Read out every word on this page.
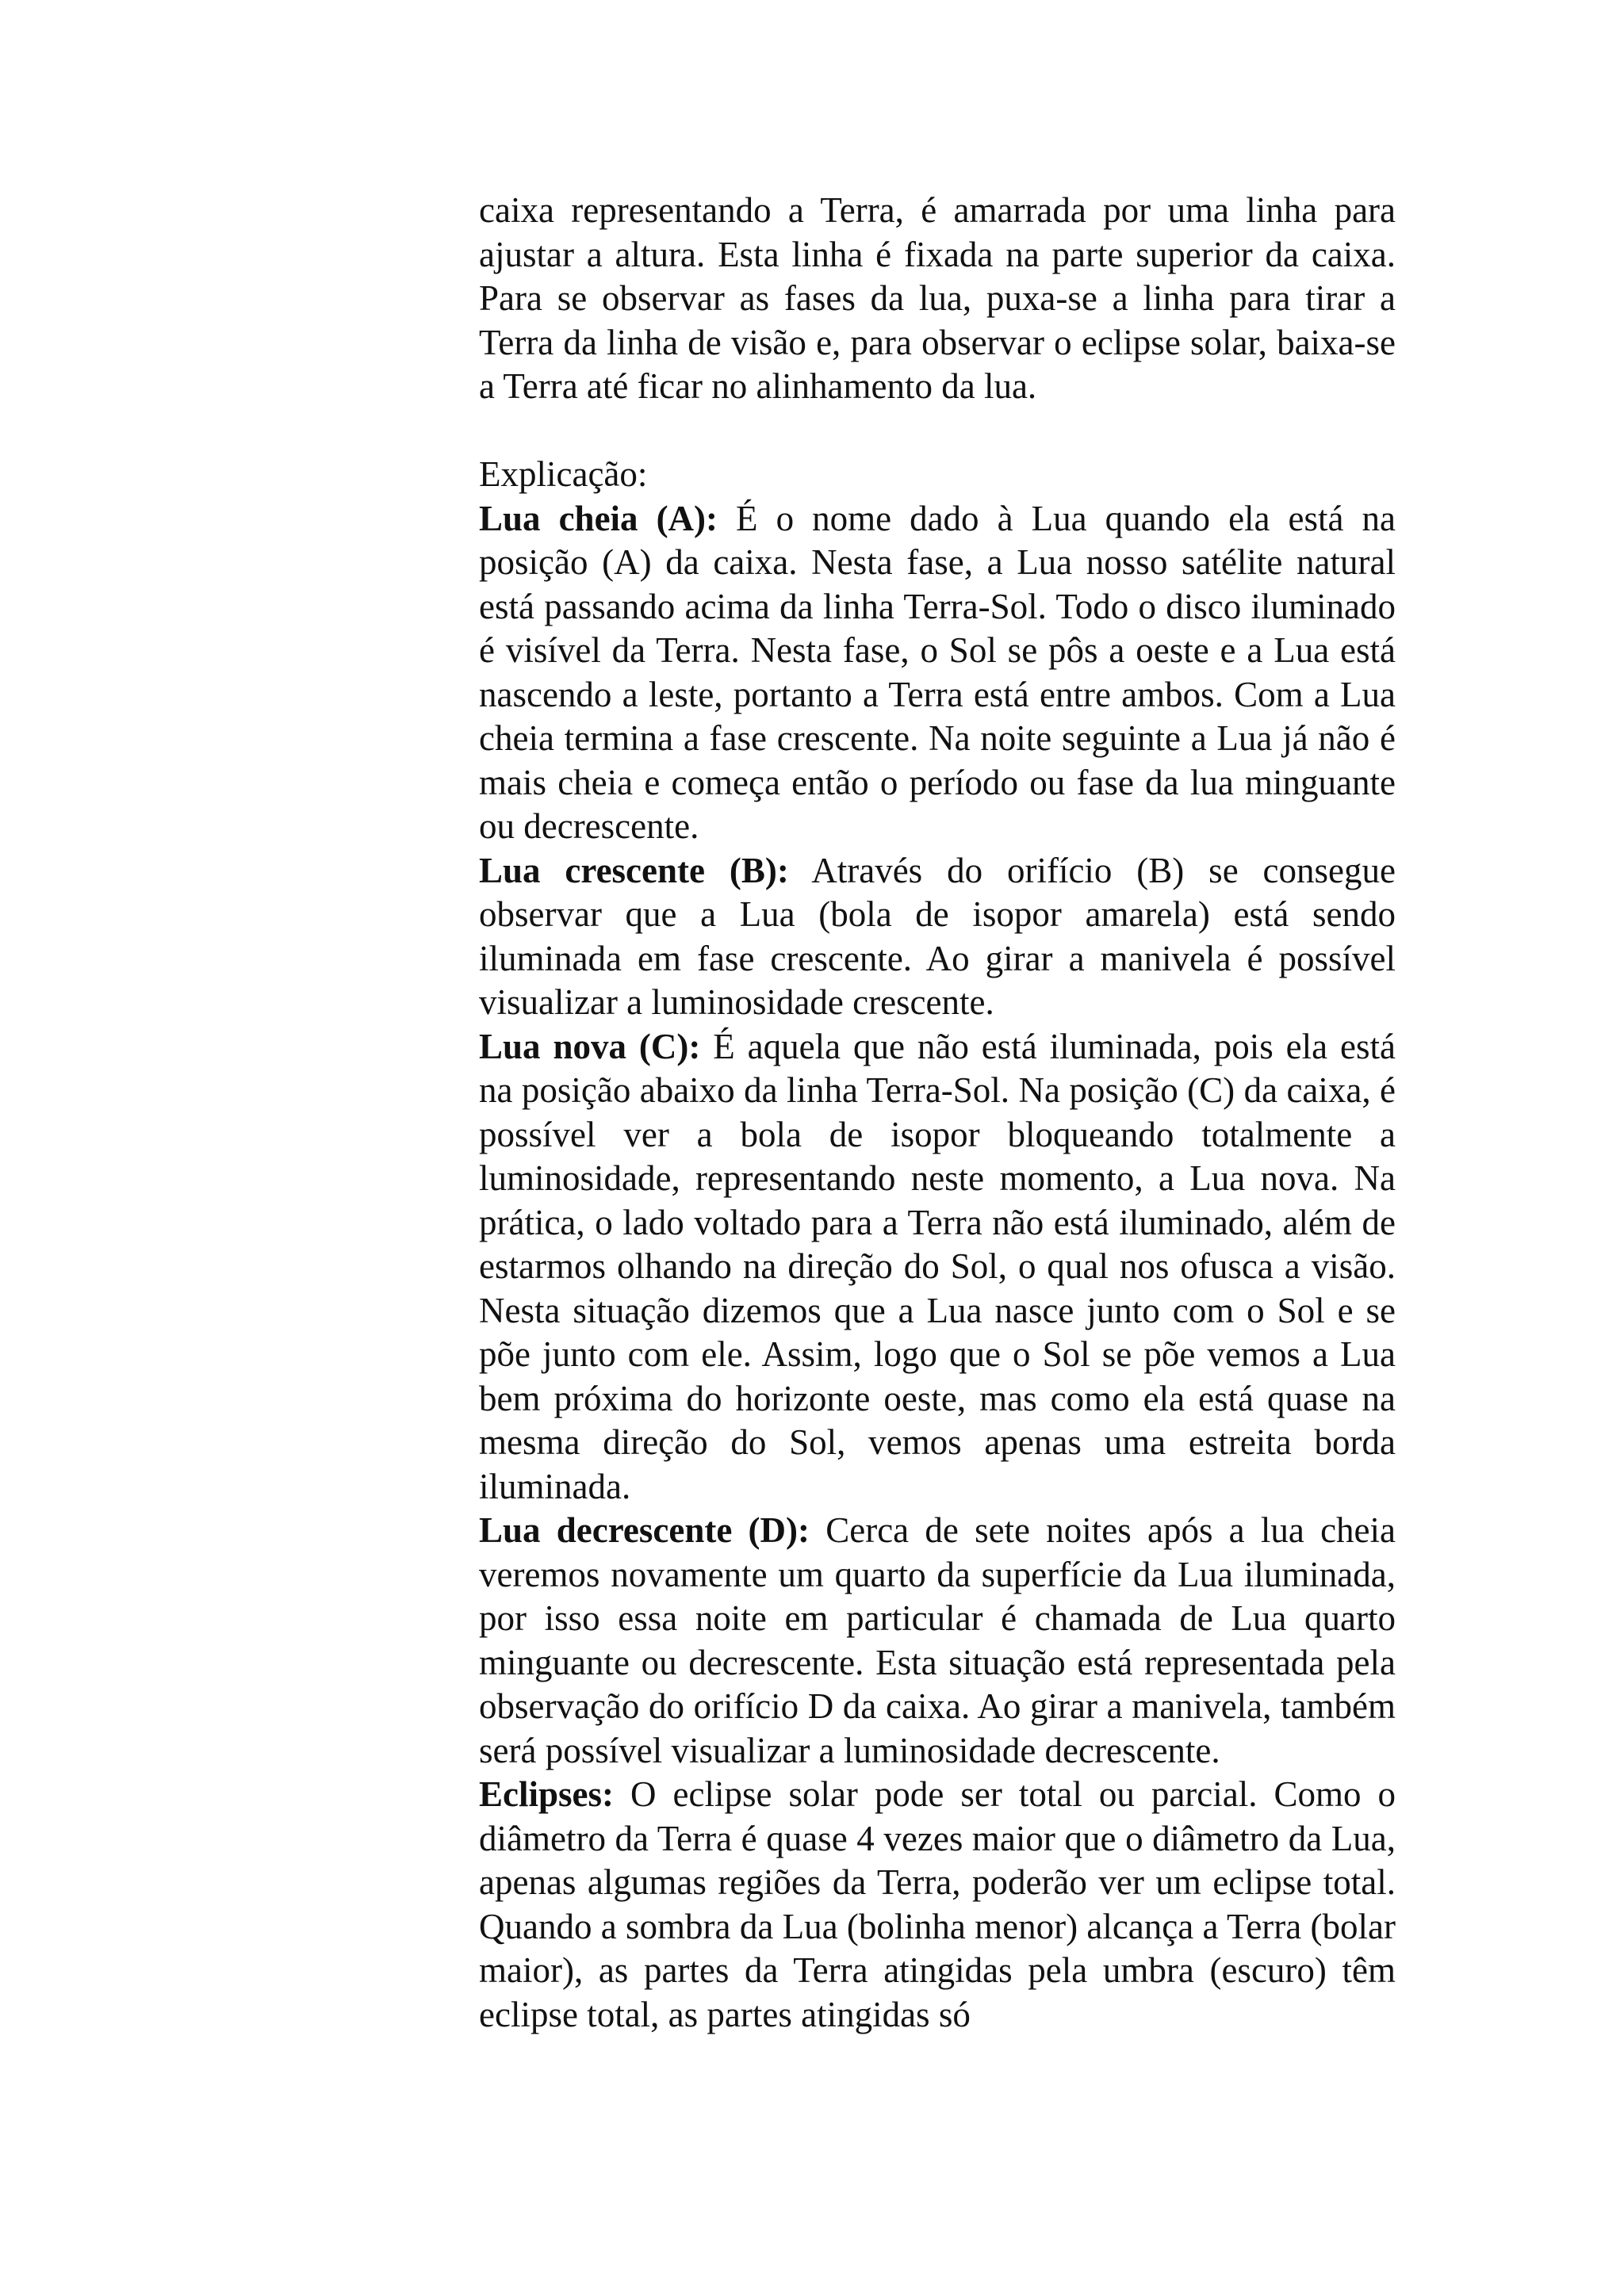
caixa representando a Terra, é amarrada por uma linha para ajustar a altura. Esta linha é fixada na parte superior da caixa. Para se observar as fases da lua, puxa-se a linha para tirar a Terra da linha de visão e, para observar o eclipse solar, baixa-se a Terra até ficar no alinhamento da lua.

Explicação:

Lua cheia (A): É o nome dado à Lua quando ela está na posição (A) da caixa. Nesta fase, a Lua nosso satélite natural está passando acima da linha Terra-Sol. Todo o disco iluminado é visível da Terra. Nesta fase, o Sol se pôs a oeste e a Lua está nascendo a leste, portanto a Terra está entre ambos. Com a Lua cheia termina a fase crescente. Na noite seguinte a Lua já não é mais cheia e começa então o período ou fase da lua minguante ou decrescente.

Lua crescente (B): Através do orifício (B) se consegue observar que a Lua (bola de isopor amarela) está sendo iluminada em fase crescente. Ao girar a manivela é possível visualizar a luminosidade crescente.

Lua nova (C): É aquela que não está iluminada, pois ela está na posição abaixo da linha Terra-Sol. Na posição (C) da caixa, é possível ver a bola de isopor bloqueando totalmente a luminosidade, representando neste momento, a Lua nova. Na prática, o lado voltado para a Terra não está iluminado, além de estarmos olhando na direção do Sol, o qual nos ofusca a visão. Nesta situação dizemos que a Lua nasce junto com o Sol e se põe junto com ele. Assim, logo que o Sol se põe vemos a Lua bem próxima do horizonte oeste, mas como ela está quase na mesma direção do Sol, vemos apenas uma estreita borda iluminada.

Lua decrescente (D): Cerca de sete noites após a lua cheia veremos novamente um quarto da superfície da Lua iluminada, por isso essa noite em particular é chamada de Lua quarto minguante ou decrescente. Esta situação está representada pela observação do orifício D da caixa. Ao girar a manivela, também será possível visualizar a luminosidade decrescente.

Eclipses: O eclipse solar pode ser total ou parcial. Como o diâmetro da Terra é quase 4 vezes maior que o diâmetro da Lua, apenas algumas regiões da Terra, poderão ver um eclipse total. Quando a sombra da Lua (bolinha menor) alcança a Terra (bolar maior), as partes da Terra atingidas pela umbra (escuro) têm eclipse total, as partes atingidas só
